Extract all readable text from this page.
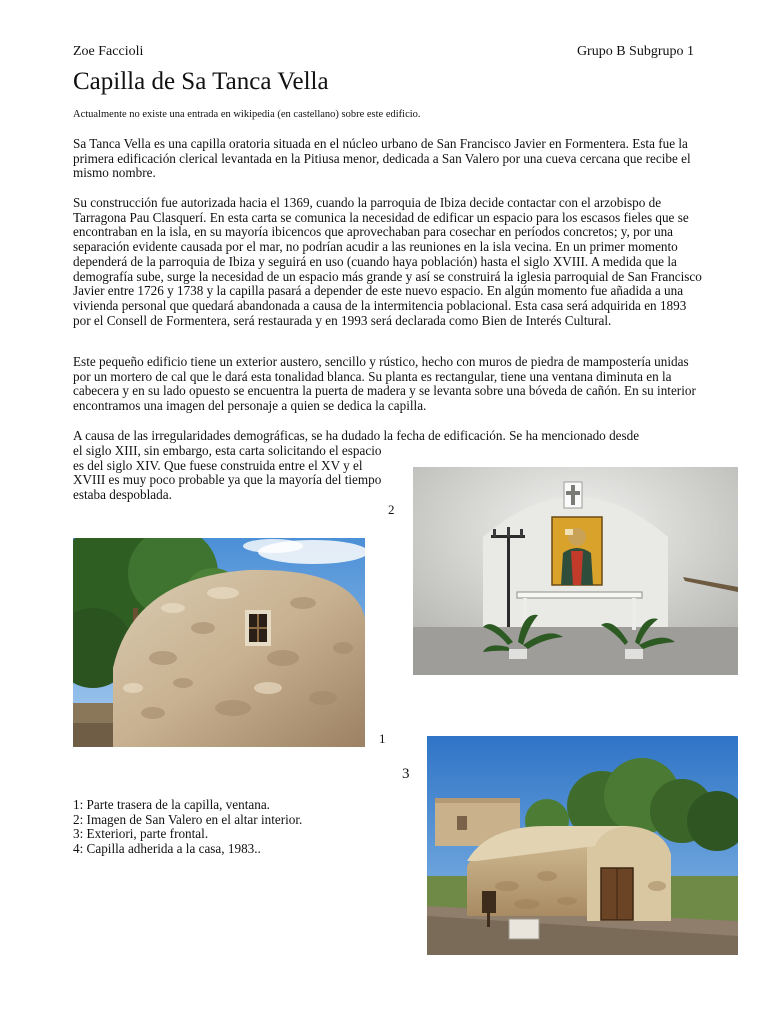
Zoe Faccioli	Grupo B Subgrupo 1
Capilla de Sa Tanca Vella
Actualmente no existe una entrada en wikipedia (en castellano) sobre este edificio.

Sa Tanca Vella es una capilla oratoria situada en el núcleo urbano de San Francisco Javier en Formentera. Esta fue la primera edificación clerical levantada en la Pitiusa menor, dedicada a San Valero por una cueva cercana que recibe el mismo nombre.

Su construcción fue autorizada hacia el 1369, cuando la parroquia de Ibiza decide contactar con el arzobispo de Tarragona Pau Clasquerí. En esta carta se comunica la necesidad de edificar un espacio para los escasos fieles que se encontraban en la isla, en su mayoría ibicencos que aprovechaban para cosechar en períodos concretos; y, por una separación evidente causada por el mar, no podrían acudir a las reuniones en la isla vecina. En un primer momento dependerá de la parroquia de Ibiza y seguirá en uso (cuando haya población) hasta el siglo XVIII. A medida que la demografía sube, surge la necesidad de un espacio más grande y así se construirá la iglesia parroquial de San Francisco Javier entre 1726 y 1738 y la capilla pasará a depender de este nuevo espacio. En algún momento fue añadida a una vivienda personal que quedará abandonada a causa de la intermitencia poblacional. Esta casa será adquirida en 1893 por el Consell de Formentera, será restaurada y en 1993 será declarada como Bien de Interés Cultural.

Este pequeño edificio tiene un exterior austero, sencillo y rústico, hecho con muros de piedra de mampostería unidas por un mortero de cal que le dará esta tonalidad blanca. Su planta es rectangular, tiene una ventana diminuta en la cabecera y en su lado opuesto se encuentra la puerta de madera y se levanta sobre una bóveda de cañón. En su interior encontramos una imagen del personaje a quien se dedica la capilla.

A causa de las irregularidades demográficas, se ha dudado la fecha de edificación. Se ha mencionado desde

el siglo XIII, sin embargo, esta carta solicitando el espacio es del siglo XIV. Que fuese construida entre el XV y el XVIII es muy poco probable ya que la mayoría del tiempo estaba despoblada.

2
1
3
1: Parte trasera de la capilla, ventana.
2: Imagen de San Valero en el altar interior.
3: Exteriori, parte frontal.
4: Capilla adherida a la casa, 1983..
